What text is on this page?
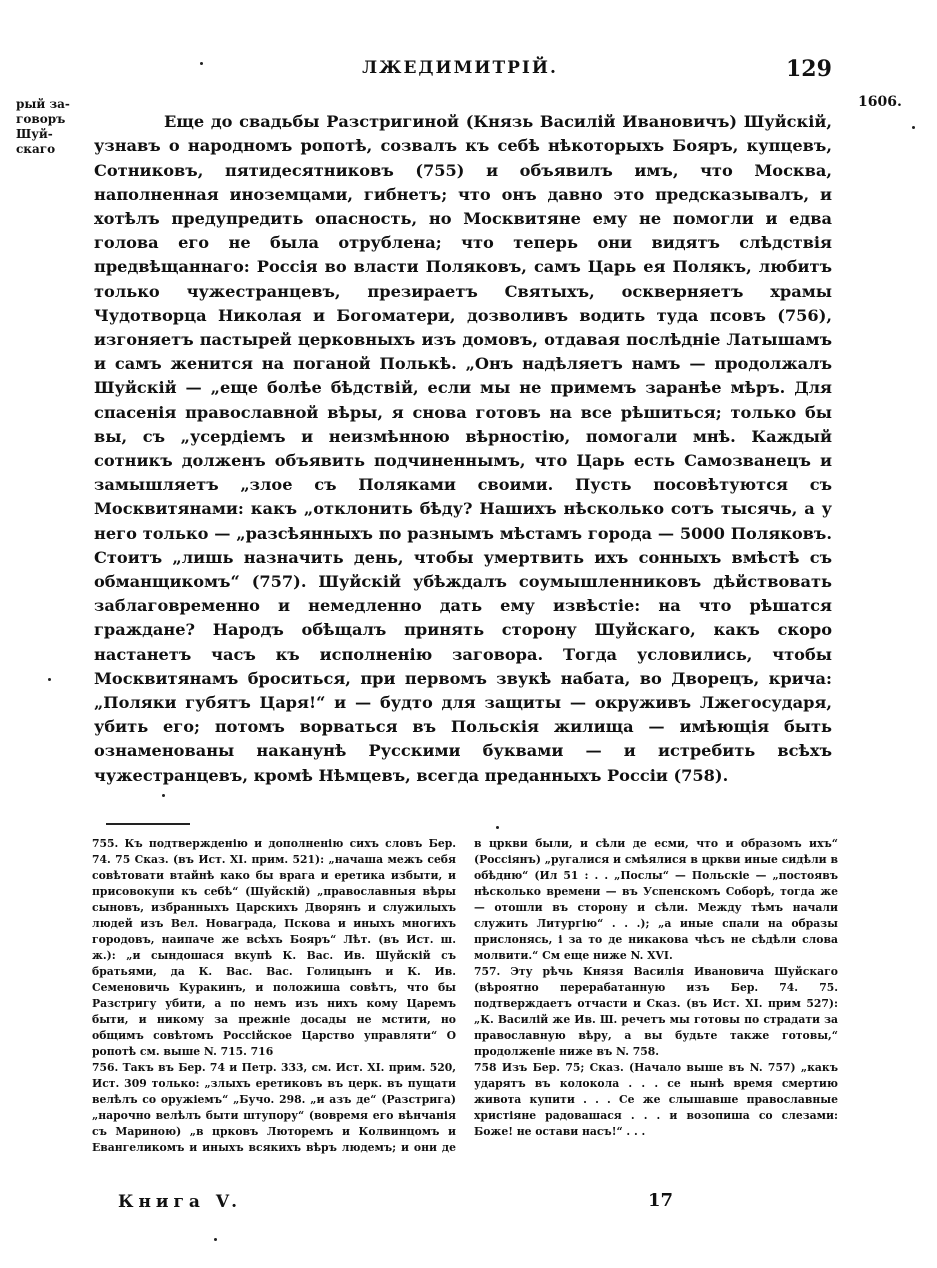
ЛЖЕДИМИТРІЙ.	129
1606.
рый за- говоръ Шуй- скаго

Еще до свадьбы Разстригиной (Князь Василій Ивановичъ) Шуйскій, узнавъ о народномъ ропотѣ, созвалъ къ себѣ нѣкоторыхъ Бояръ, купцевъ, Сотниковъ, пятидесятниковъ (755) и объявилъ имъ, что Москва, наполненная иноземцами, гибнетъ; что онъ давно это предсказывалъ, и хотѣлъ предупредить опасность, но Москвитяне ему не помогли и едва голова его не была отрублена; что теперь они видятъ слѣдствія предвѣщаннаго: Россія во власти Поляковъ, самъ Царь ея Полякъ, любитъ только чужестранцевъ, презираетъ Святыхъ, оскверняетъ храмы Чудотворца Николая и Богоматери, дозволивъ водить туда псовъ (756), изгоняетъ пастырей церковныхъ изъ домовъ, отдавая послѣдніе Латышамъ и самъ женится на поганой Полькѣ. „Онъ надѣляетъ намъ — продолжалъ Шуйскій — „еще болѣе бѣдствій, если мы не примемъ заранѣе мѣръ. Для спасенія православной вѣры, я снова готовъ на все рѣшиться; только бы вы, съ „усердіемъ и неизмѣнною вѣрностію, помогали мнѣ. Каждый сотникъ долженъ объявить подчиненнымъ, что Царь есть Самозванецъ и замышляетъ „злое съ Поляками своими. Пусть посовѣтуются съ Москвитянами: какъ „отклонить бѣду? Нашихъ нѣсколько сотъ тысячь, а у него только — „разсѣянныхъ по разнымъ мѣстамъ города — 5000 Поляковъ. Стоитъ „лишь назначить день, чтобы умертвить ихъ сонныхъ вмѣстѣ съ обманщикомъ“ (757). Шуйскій убѣждалъ соумышленниковъ дѣйствовать заблаговременно и немедленно дать ему извѣстіе: на что рѣшатся граждане? Народъ обѣщалъ принять сторону Шуйскаго, какъ скоро настанетъ часъ къ исполненію заговора. Тогда условились, чтобы Москвитянамъ броситься, при первомъ звукѣ набата, во Дворецъ, крича: „Поляки губятъ Царя!“ и — будто для защиты — окруживъ Лжегосударя, убить его; потомъ ворваться въ Польскія жилища — имѣющія быть ознаменованы наканунѣ Русскими буквами — и истребить всѣхъ чужестранцевъ, кромѣ Нѣмцевъ, всегда преданныхъ Россіи (758).

755. Къ подтвержденію и дополненію сихъ словъ Бер. 74. 75 Сказ. (въ Ист. XI. прим. 521): „начаша межъ себя совѣтовати втайнѣ како бы врага и еретика избыти, и присовокупи къ себѣ“ (Шуйскій) „православныя вѣры сыновъ, избранныхъ Царскихъ Дворянъ и служилыхъ людей изъ Вел. Новаграда, Пскова и иныхъ многихъ городовъ, наипаче же всѣхъ Бояръ“ Лѣт. (въ Ист. ш. ж.): „и сындошася вкупѣ К. Вас. Ив. Шуйскій съ братьями, да К. Вас. Вас. Голицынъ и К. Ив. Семеновичь Куракинъ, и положиша совѣтъ, что бы Разстригу убити, а по немъ изъ нихъ кому Царемъ быти, и никому за прежніе досады не мстити, но общимъ совѣтомъ Россійское Царство управляти“ О ропотѣ см. выше N. 715. 716

756. Такъ въ Бер. 74 и Петр. 333, см. Ист. XI. прим. 520, Ист. 309 только: „злыхъ еретиковъ въ церк. въ пущати велѣлъ со оружіемъ“ „Бучо. 298. „и азъ де“ (Разстрига) „нарочно велѣлъ быти штупору“ (вовремя его вѣнчанія съ Мариною) „в црковъ Люторемъ и Колвинцомъ и Евангеликомъ и иныхъ всякихъ вѣръ людемъ; и они де в цркви были, и сѣли де есми, что и образомъ ихъ“ (Россіянъ) „ругалися и смѣялися в цркви иные сидѣли в обѣдню“ (Ил 51 : . . „Послы“ — Польскіе — „постоявъ нѣсколько времени — въ Успенскомъ Соборѣ, тогда же — отошли въ сторону и сѣли. Между тѣмъ начали служить Литургію“ . . .); „а иные спали на образы прислонясь, і за то де никакова чѣсъ не сѣдѣли слова молвити.“ См еще ниже N. XVI.

757. Эту рѣчь Князя Василія Ивановича Шуйскаго (вѣроятно перерабатанную изъ Бер. 74. 75. подтверждаетъ отчасти и Сказ. (въ Ист. XI. прим 527): „К. Василій же Ив. Ш. речетъ мы готовы по страдати за православную вѣру, а вы будьте также готовы,“ продолженіе ниже въ N. 758.

758 Изъ Бер. 75; Сказ. (Начало выше въ N. 757) „какъ ударятъ въ колокола . . . се нынѣ время смертию живота купити . . . Се же слышавше православные христіяне радовашася . . . и возопиша со слезами: Боже! не остави насъ!“ . . .

Книга V.	17
